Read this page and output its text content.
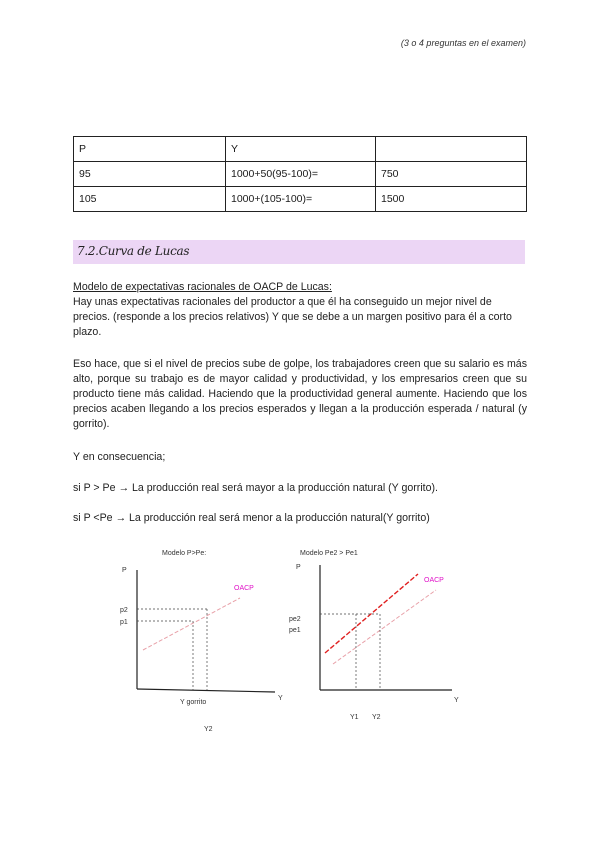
(3 o 4 preguntas en el examen)
P	Y	
95	1000+50(95-100)=	750
105	1000+(105-100)=	1500
7.2.Curva de Lucas
Modelo de expectativas racionales de OACP de Lucas:
Hay unas expectativas racionales del productor a que él ha conseguido un mejor nivel de precios. (responde a los precios relativos) Y que se debe a un margen positivo para él a corto plazo.
Eso hace, que si el nivel de precios sube de golpe, los trabajadores creen que su salario es más alto, porque su trabajo es de mayor calidad y productividad, y los empresarios creen que su producto tiene más calidad. Haciendo que la productividad general aumente. Haciendo que los precios acaben llegando a los precios esperados y llegan a la producción esperada / natural (y gorrito).
Y en consecuencia;
si P > Pe → La producción real será mayor a la producción natural (Y gorrito).
si P <Pe → La producción real será menor a la producción natural(Y gorrito)
Modelo P>Pe:
P
Y
OACP
p2
p1
Y gorrito
Y2
Modelo Pe2 > Pe1
P
Y
OACP
pe2
pe1
Y1 Y2
